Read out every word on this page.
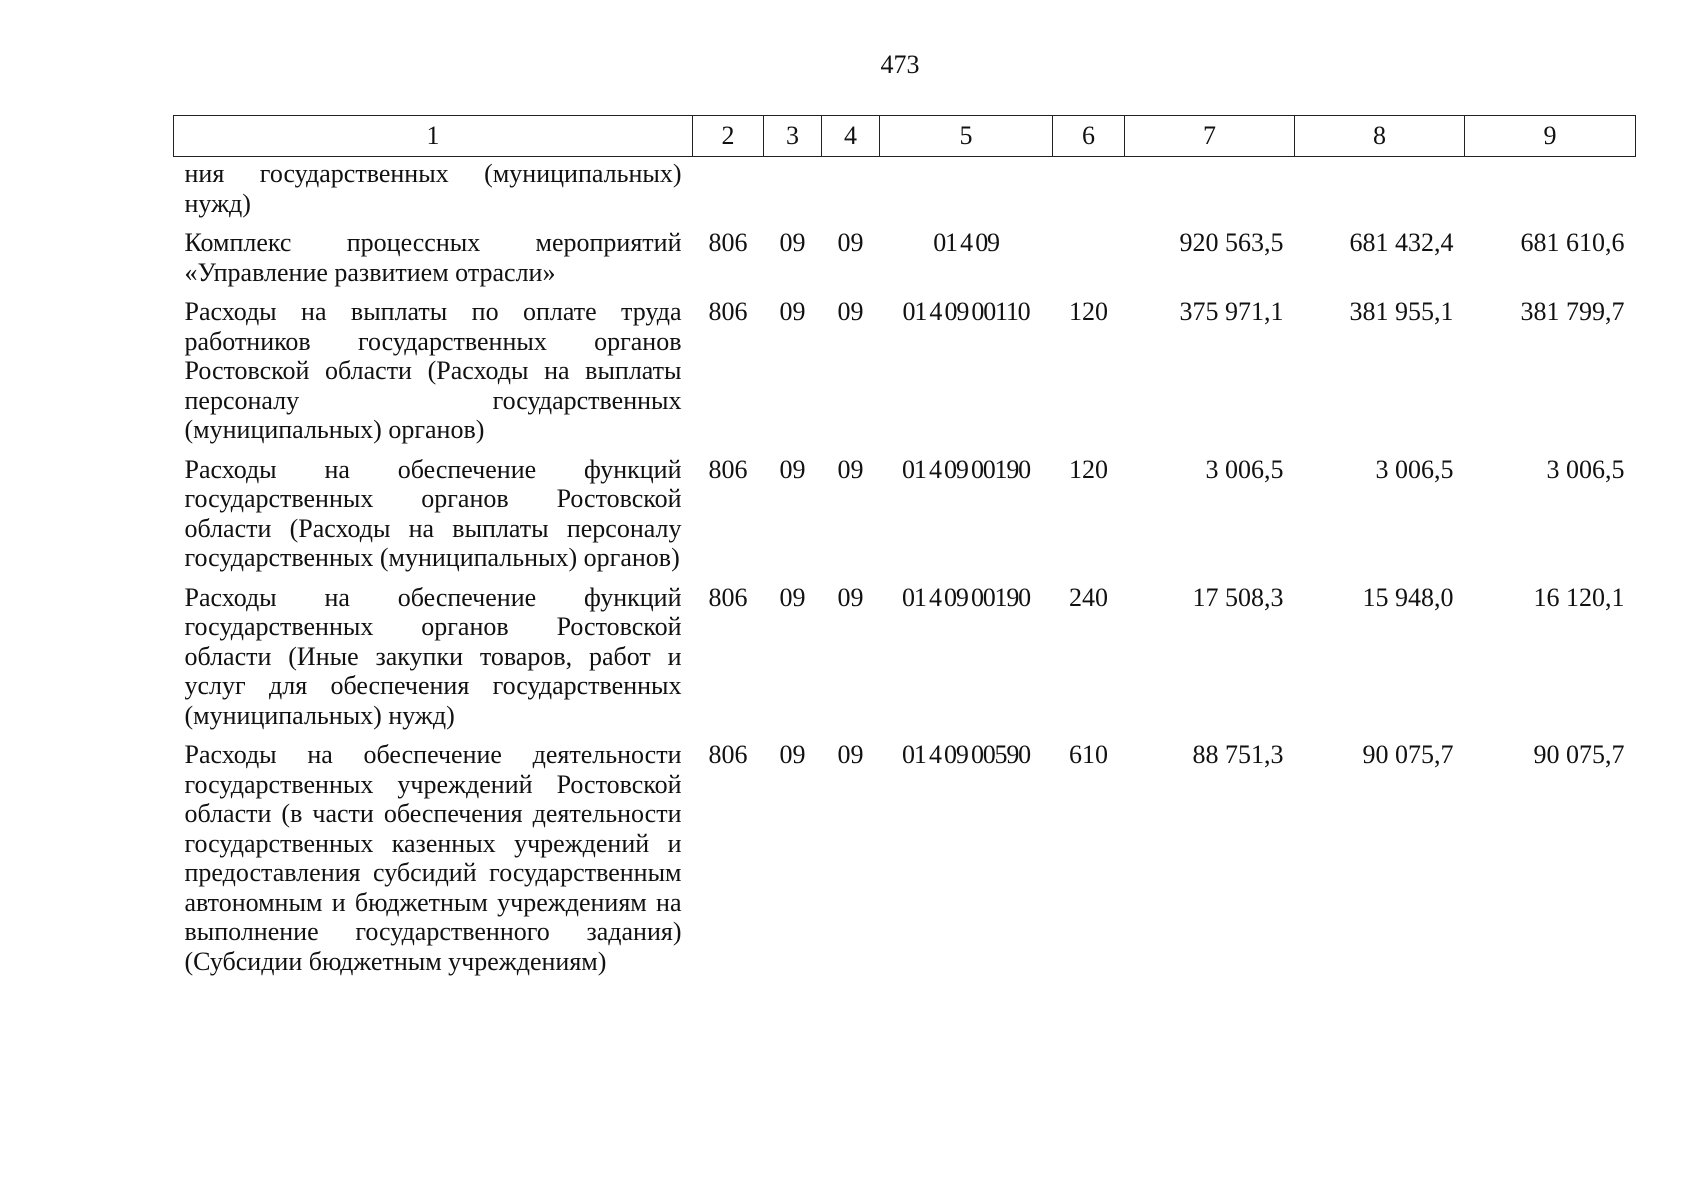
473
1	2	3	4	5	6	7	8	9
ния государственных (муниципальных) нужд)								
Комплекс процессных мероприятий «Управление развитием отрасли»	806	09	09	01 4 09		920 563,5	681 432,4	681 610,6
Расходы на выплаты по оплате труда работников государственных органов Ростовской области (Расходы на выплаты персоналу государственных (муниципальных) органов)	806	09	09	01 4 09 00110	120	375 971,1	381 955,1	381 799,7
Расходы на обеспечение функций государственных органов Ростовской области (Расходы на выплаты персоналу государственных (муниципальных) органов)	806	09	09	01 4 09 00190	120	3 006,5	3 006,5	3 006,5
Расходы на обеспечение функций государственных органов Ростовской области (Иные закупки товаров, работ и услуг для обеспечения государственных (муниципальных) нужд)	806	09	09	01 4 09 00190	240	17 508,3	15 948,0	16 120,1
Расходы на обеспечение деятельности государственных учреждений Ростовской области (в части обеспечения деятельности государственных казенных учреждений и предоставления субсидий государственным автономным и бюджетным учреждениям на выполнение государственного задания) (Субсидии бюджетным учреждениям)	806	09	09	01 4 09 00590	610	88 751,3	90 075,7	90 075,7
